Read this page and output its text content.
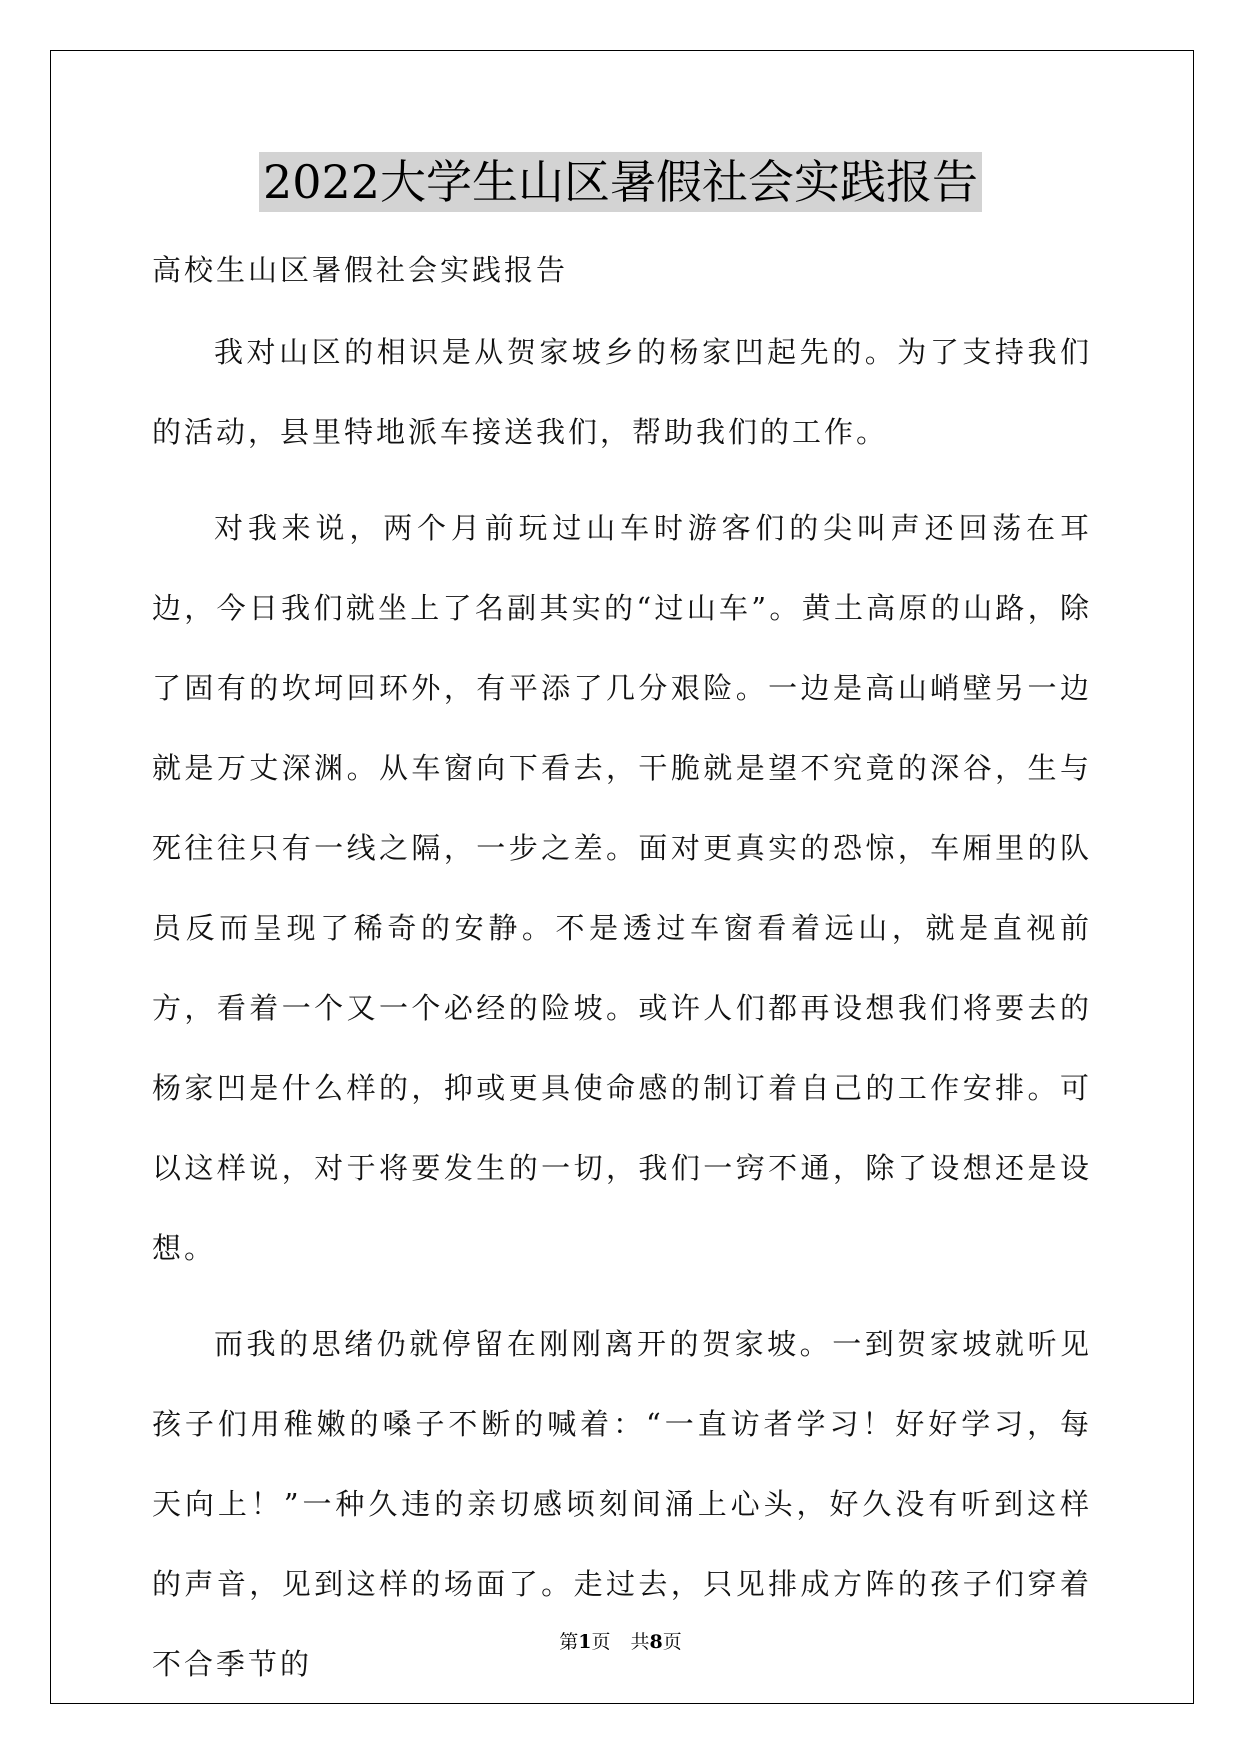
2022大学生山区暑假社会实践报告
高校生山区暑假社会实践报告

我对山区的相识是从贺家坡乡的杨家凹起先的。为了支持我们的活动，县里特地派车接送我们，帮助我们的工作。

对我来说，两个月前玩过山车时游客们的尖叫声还回荡在耳边，今日我们就坐上了名副其实的“过山车”。黄土高原的山路，除了固有的坎坷回环外，有平添了几分艰险。一边是高山峭壁另一边就是万丈深渊。从车窗向下看去，干脆就是望不究竟的深谷，生与死往往只有一线之隔，一步之差。面对更真实的恐惊，车厢里的队员反而呈现了稀奇的安静。不是透过车窗看着远山，就是直视前方，看着一个又一个必经的险坡。或许人们都再设想我们将要去的杨家凹是什么样的，抑或更具使命感的制订着自己的工作安排。可以这样说，对于将要发生的一切，我们一窍不通，除了设想还是设想。

而我的思绪仍就停留在刚刚离开的贺家坡。一到贺家坡就听见孩子们用稚嫩的嗓子不断的喊着：“一直访者学习！好好学习，每天向上！”一种久违的亲切感顷刻间涌上心头，好久没有听到这样的声音，见到这样的场面了。走过去，只见排成方阵的孩子们穿着不合季节的

第1页 共8页
